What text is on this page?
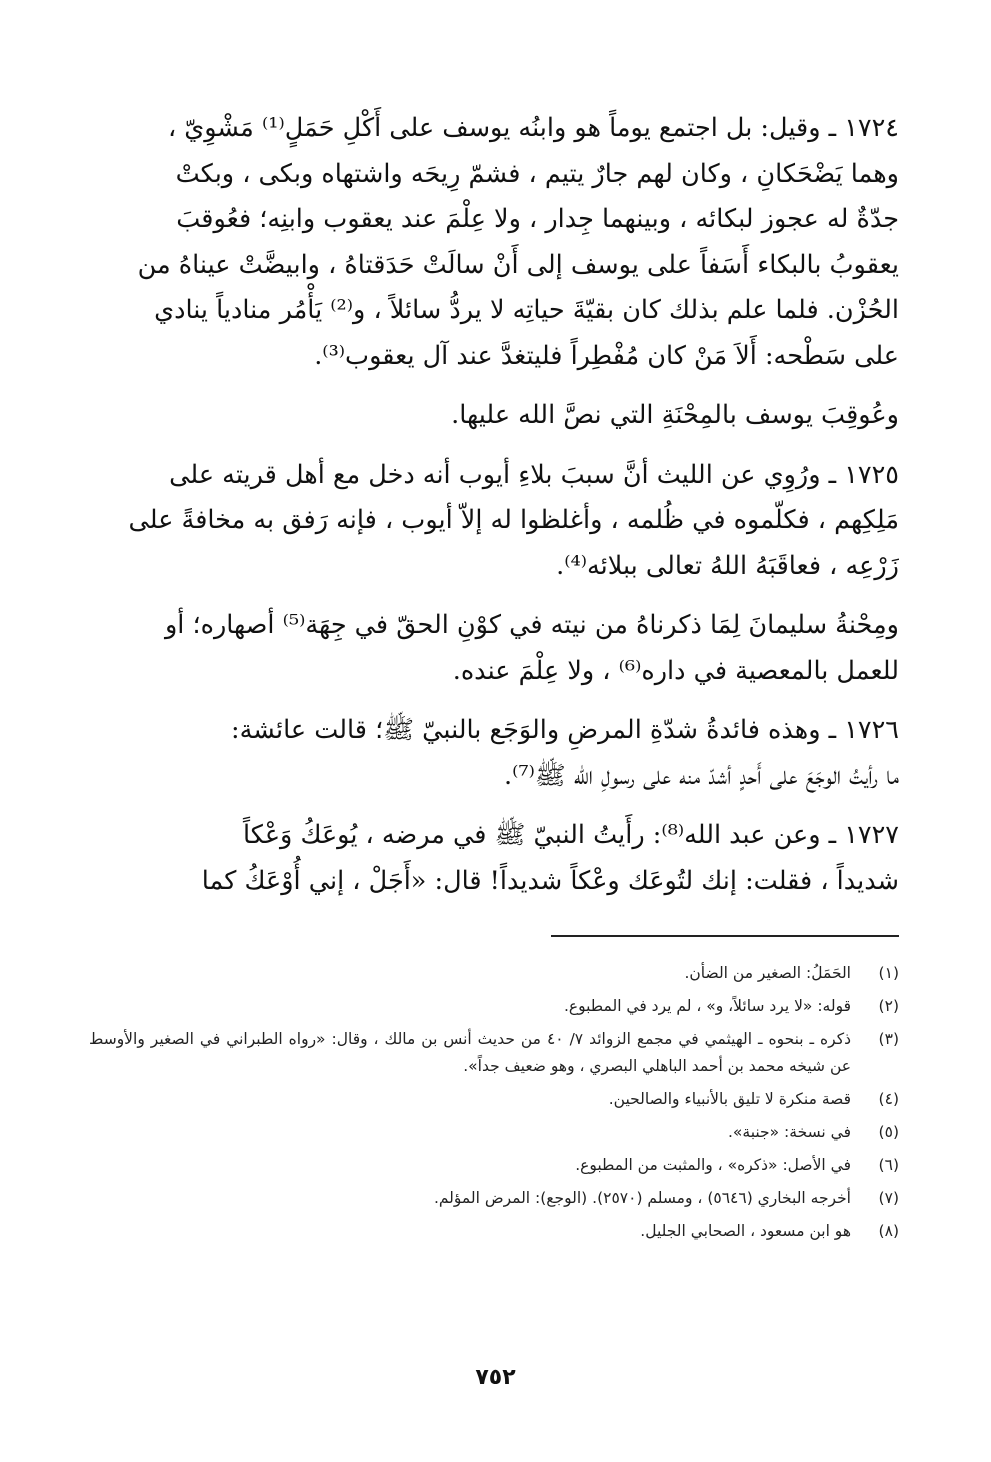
١٧٢٤ ـ وقيل: بل اجتمع يوماً هو وابنُه يوسف على أَكْلِ حَمَلٍ⁽¹⁾ مَشْوِيّ ،

وهما يَضْحَكانِ ، وكان لهم جارٌ يتيم ، فشمّ رِيحَه واشتهاه وبكى ، وبكتْ

جدّةٌ له عجوز لبكائه ، وبينهما جِدار ، ولا عِلْمَ عند يعقوب وابنِه؛ فعُوقبَ

يعقوبُ بالبكاء أَسَفاً على يوسف إلى أَنْ سالَتْ حَدَقتاهُ ، وابيضَّتْ عيناهُ من

الحُزْن. فلما علم بذلك كان بقيّةَ حياتِه لا يردُّ سائلاً ، و⁽²⁾ يَأْمُر منادياً ينادي

على سَطْحه: أَلاَ مَنْ كان مُفْطِراً فليتغدَّ عند آل يعقوب⁽³⁾.

وعُوقِبَ يوسف بالمِحْنَةِ التي نصَّ الله عليها.

١٧٢٥ ـ ورُوِي عن الليث أنَّ سببَ بلاءِ أيوب أنه دخل مع أهل قريته على

مَلِكِهم ، فكلّموه في ظُلمه ، وأغلظوا له إلاّ أيوب ، فإنه رَفق به مخافةً على

زَرْعِه ، فعاقَبَهُ اللهُ تعالى ببلائه⁽⁴⁾.

ومِحْنةُ سليمانَ لِمَا ذكرناهُ من نيته في كوْنِ الحقّ في جِهَة⁽⁵⁾ أصهاره؛ أو

للعمل بالمعصية في داره⁽⁶⁾ ، ولا عِلْمَ عنده.

١٧٢٦ ـ وهذه فائدةُ شدّةِ المرضِ والوَجَع بالنبيّ ﷺ؛ قالت عائشة:

ما رأيتُ الوجَعَ على أَحدٍ أشدّ منه على رسولِ الله ﷺ⁽⁷⁾.

١٧٢٧ ـ وعن عبد الله⁽⁸⁾: رأَيتُ النبيّ ﷺ في مرضه ، يُوعَكُ وَعْكاً

شديداً ، فقلت: إنك لتُوعَك وعْكاً شديداً! قال: «أَجَلْ ، إني أُوْعَكُ كما

(١)
الحَمَلُ: الصغير من الضأن.
(٢)
قوله: «لا يرد سائلاً، و» ، لم يرد في المطبوع.
(٣)
ذكره ـ بنحوه ـ الهيثمي في مجمع الزوائد ٧/ ٤٠ من حديث أنس بن مالك ، وقال: «رواه الطبراني في الصغير والأوسط عن شيخه محمد بن أحمد الباهلي البصري ، وهو ضعيف جداً».
(٤)
قصة منكرة لا تليق بالأنبياء والصالحين.
(٥)
في نسخة: «جنبة».
(٦)
في الأصل: «ذكره» ، والمثبت من المطبوع.
(٧)
أخرجه البخاري (٥٦٤٦) ، ومسلم (٢٥٧٠). (الوجع): المرض المؤلم.
(٨)
هو ابن مسعود ، الصحابي الجليل.
٧٥٢
